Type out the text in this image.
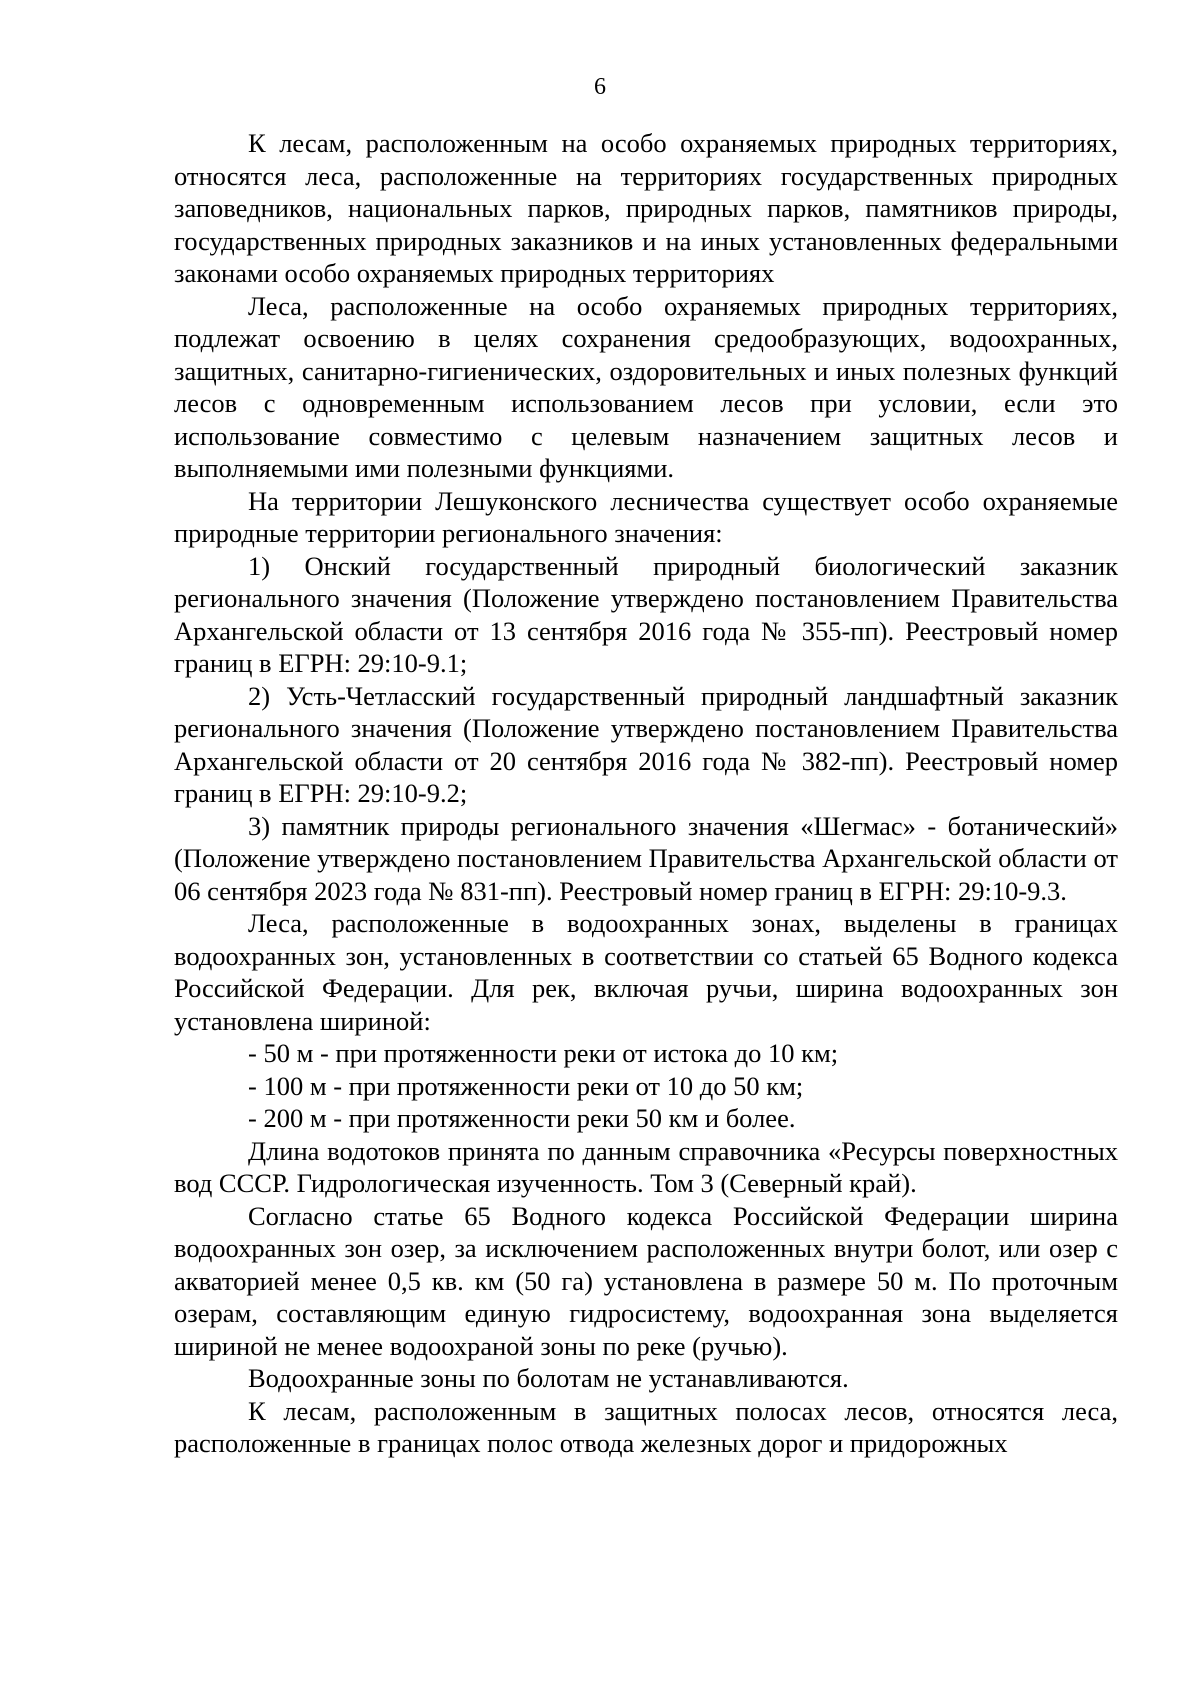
6

К лесам, расположенным на особо охраняемых природных территориях, относятся леса, расположенные на территориях государственных природных заповедников, национальных парков, природных парков, памятников природы, государственных природных заказников и на иных установленных федеральными законами особо охраняемых природных территориях

Леса, расположенные на особо охраняемых природных территориях, подлежат освоению в целях сохранения средообразующих, водоохранных, защитных, санитарно-гигиенических, оздоровительных и иных полезных функций лесов с одновременным использованием лесов при условии, если это использование совместимо с целевым назначением защитных лесов и выполняемыми ими полезными функциями.

На территории Лешуконского лесничества существует особо охраняемые природные территории регионального значения:

1) Онский государственный природный биологический заказник регионального значения (Положение утверждено постановлением Правительства Архангельской области от 13 сентября 2016 года № 355-пп). Реестровый номер границ в ЕГРН: 29:10-9.1;

2) Усть-Четласский государственный природный ландшафтный заказник регионального значения (Положение утверждено постановлением Правительства Архангельской области от 20 сентября 2016 года № 382-пп). Реестровый номер границ в ЕГРН: 29:10-9.2;

3) памятник природы регионального значения «Шегмас» - ботанический» (Положение утверждено постановлением Правительства Архангельской области от 06 сентября 2023 года № 831-пп). Реестровый номер границ в ЕГРН: 29:10-9.3.

Леса, расположенные в водоохранных зонах, выделены в границах водоохранных зон, установленных в соответствии со статьей 65 Водного кодекса Российской Федерации. Для рек, включая ручьи, ширина водоохранных зон установлена шириной:

- 50 м - при протяженности реки от истока до 10 км;

- 100 м - при протяженности реки от 10 до 50 км;

- 200 м - при протяженности реки 50 км и более.

Длина водотоков принята по данным справочника «Ресурсы поверхностных вод СССР. Гидрологическая изученность. Том 3 (Северный край).

Согласно статье 65 Водного кодекса Российской Федерации ширина водоохранных зон озер, за исключением расположенных внутри болот, или озер с акваторией менее 0,5 кв. км (50 га) установлена в размере 50 м. По проточным озерам, составляющим единую гидросистему, водоохранная зона выделяется шириной не менее водоохраной зоны по реке (ручью).

Водоохранные зоны по болотам не устанавливаются.

К лесам, расположенным в защитных полосах лесов, относятся леса, расположенные в границах полос отвода железных дорог и придорожных
